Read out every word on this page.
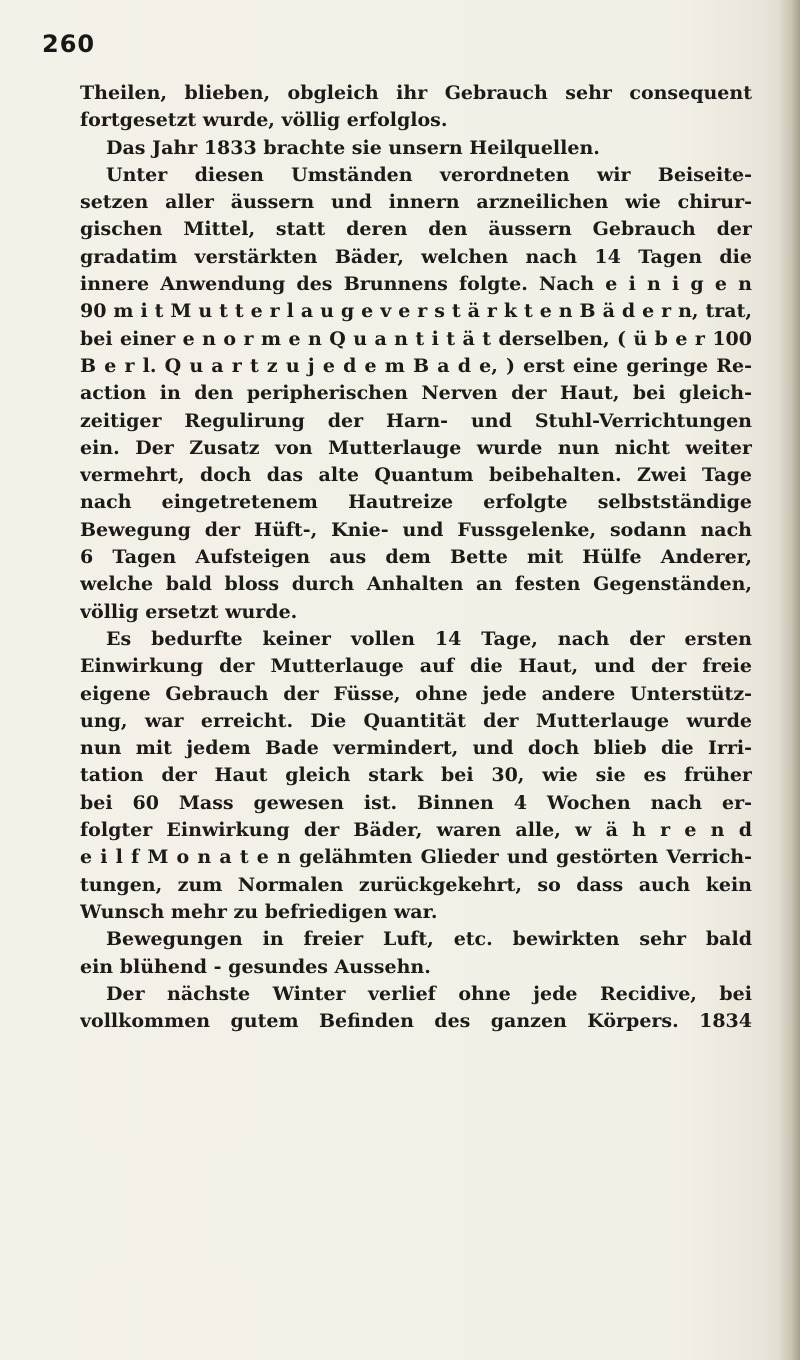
260
Theilen, blieben, obgleich ihr Gebrauch sehr consequent
fortgesetzt wurde, völlig erfolglos.
Das Jahr 1833 brachte sie unsern Heilquellen.
Unter diesen Umständen verordneten wir Beiseite-
setzen aller äussern und innern arzneilichen wie chirur-
gischen Mittel, statt deren den äussern Gebrauch der
gradatim verstärkten Bäder, welchen nach 14 Tagen die
innere Anwendung des Brunnens folgte. Nach e i n i g e n
90 m i t M u t t e r l a u g e v e r s t ä r k t e n B ä d e r n, trat,
bei einer e n o r m e n Q u a n t i t ä t derselben, ( ü b e r 100
B e r l. Q u a r t z u j e d e m B a d e, ) erst eine geringe Re-
action in den peripherischen Nerven der Haut, bei gleich-
zeitiger Regulirung der Harn- und Stuhl-Verrichtungen
ein. Der Zusatz von Mutterlauge wurde nun nicht weiter
vermehrt, doch das alte Quantum beibehalten. Zwei Tage
nach eingetretenem Hautreize erfolgte selbstständige
Bewegung der Hüft-, Knie- und Fussgelenke, sodann nach
6 Tagen Aufsteigen aus dem Bette mit Hülfe Anderer,
welche bald bloss durch Anhalten an festen Gegenständen,
völlig ersetzt wurde.
Es bedurfte keiner vollen 14 Tage, nach der ersten
Einwirkung der Mutterlauge auf die Haut, und der freie
eigene Gebrauch der Füsse, ohne jede andere Unterstütz-
ung, war erreicht. Die Quantität der Mutterlauge wurde
nun mit jedem Bade vermindert, und doch blieb die Irri-
tation der Haut gleich stark bei 30, wie sie es früher
bei 60 Mass gewesen ist. Binnen 4 Wochen nach er-
folgter Einwirkung der Bäder, waren alle, w ä h r e n d
e i l f M o n a t e n gelähmten Glieder und gestörten Verrich-
tungen, zum Normalen zurückgekehrt, so dass auch kein
Wunsch mehr zu befriedigen war.
Bewegungen in freier Luft, etc. bewirkten sehr bald
ein blühend - gesundes Aussehn.
Der nächste Winter verlief ohne jede Recidive, bei
vollkommen gutem Befinden des ganzen Körpers. 1834
